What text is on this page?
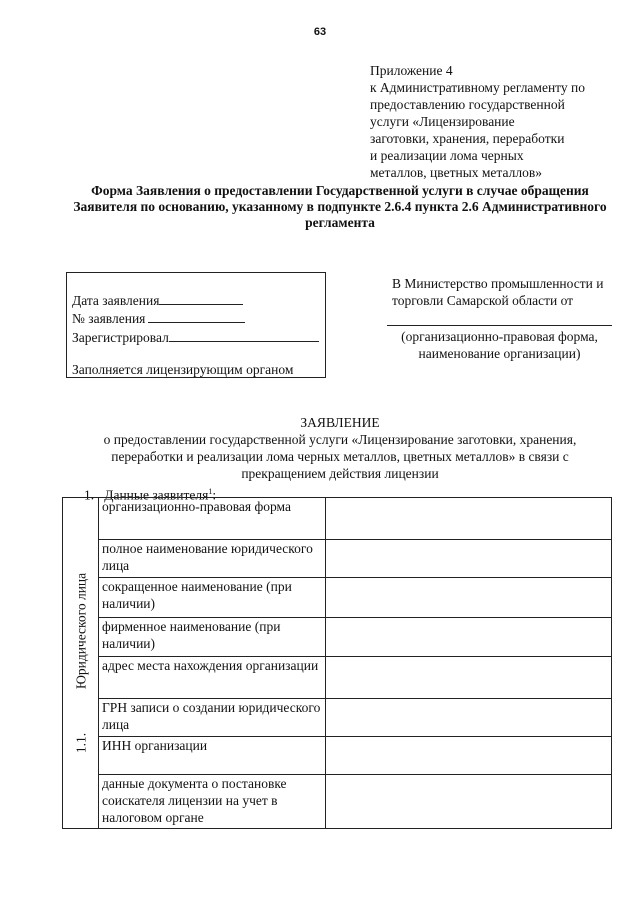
63
Приложение 4
к Административному регламенту по
предоставлению государственной
услуги «Лицензирование
заготовки, хранения, переработки
и реализации лома черных
металлов, цветных металлов»
Форма Заявления о предоставлении Государственной услуги в случае обращения
Заявителя по основанию, указанному в подпункте 2.6.4 пункта 2.6 Административного
регламента
Дата заявления
№ заявления
Зарегистрировал
Заполняется лицензирующим органом
В Министерство промышленности и
торговли Самарской области от
(организационно-правовая форма,
наименование организации)
ЗАЯВЛЕНИЕ
о предоставлении государственной услуги «Лицензирование заготовки, хранения,
переработки и реализации лома черных металлов, цветных металлов» в связи с
прекращением действия лицензии
1. Данные заявителя$^1$:
1.1.             Юридического лица	организационно-правовая форма	
	полное наименование юридического лица	
	сокращенное наименование (при наличии)	
	фирменное наименование (при наличии)	
	адрес места нахождения организации	
	ГРН записи о создании юридического лица	
	ИНН организации	
	данные документа о постановке соискателя лицензии на учет в налоговом органе	
